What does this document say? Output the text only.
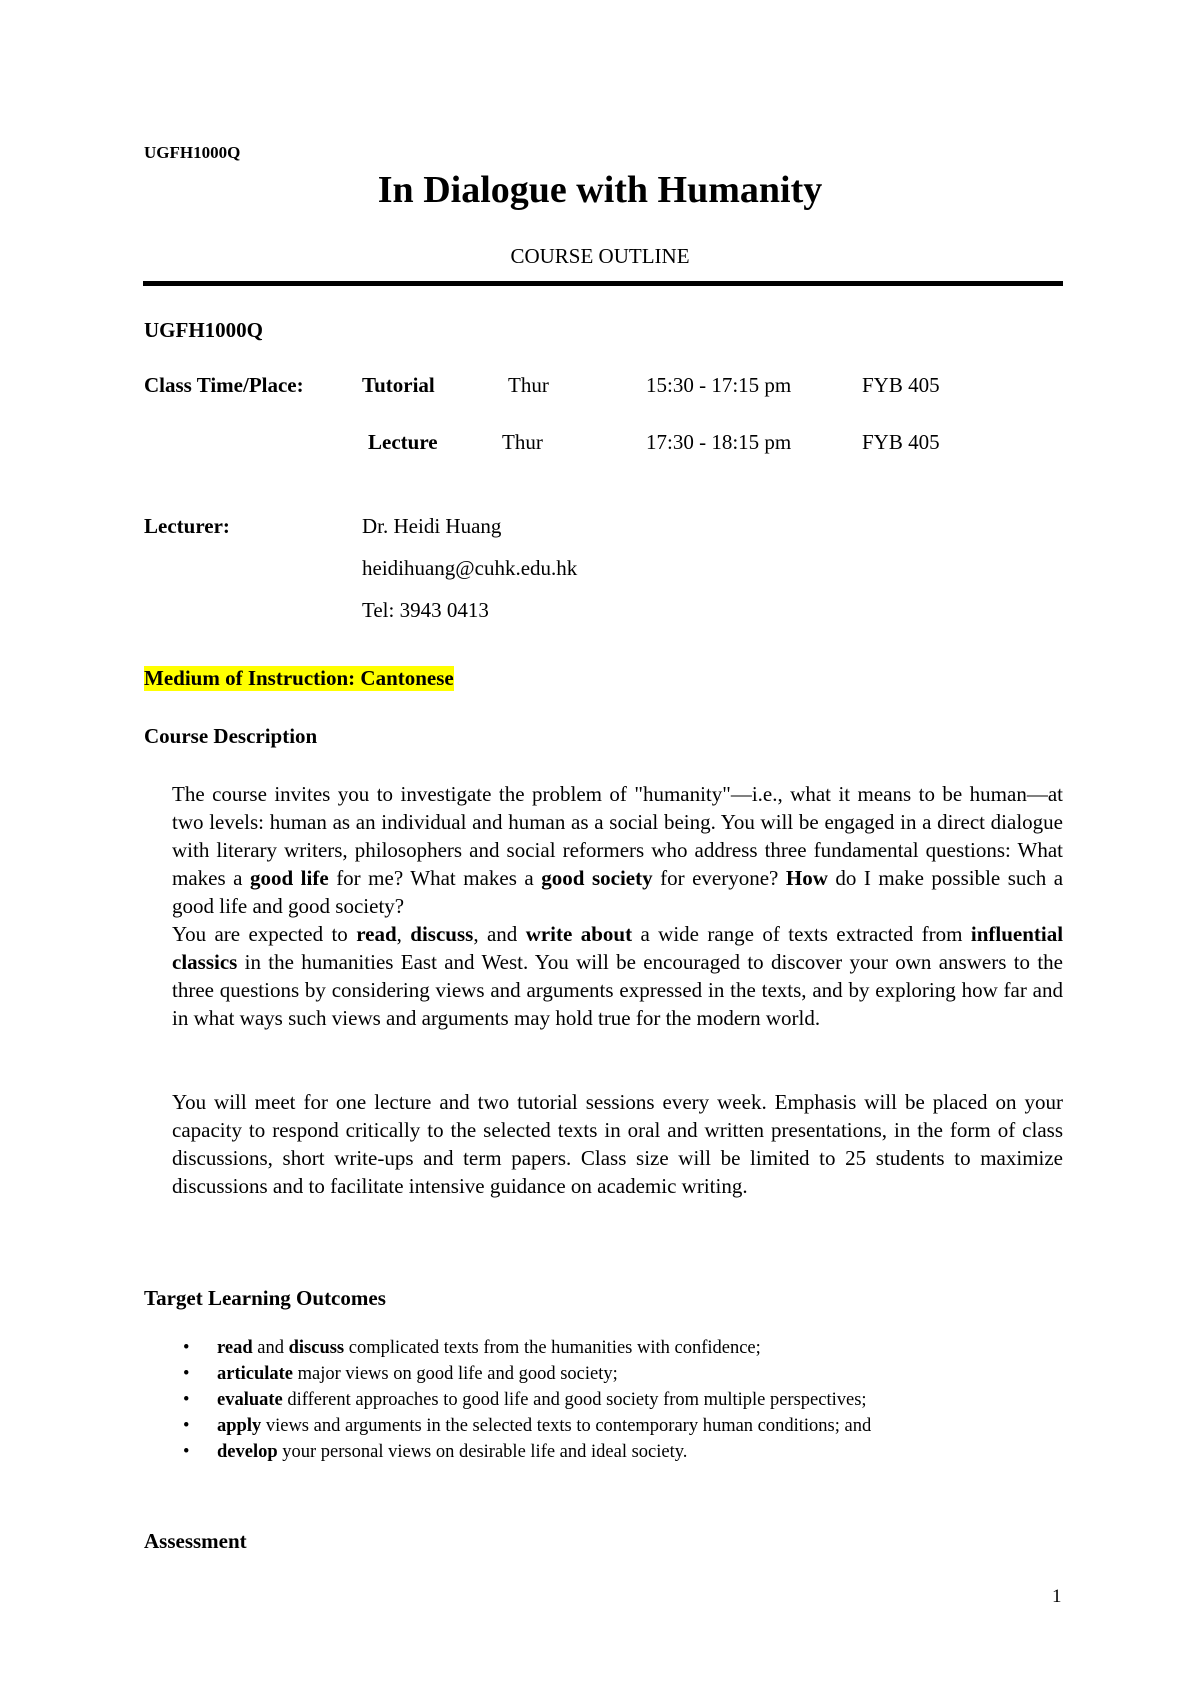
UGFH1000Q
In Dialogue with Humanity
COURSE OUTLINE
UGFH1000Q
Class Time/Place:	Tutorial	Thur	15:30 - 17:15 pm	FYB 405
Lecture	Thur	17:30 - 18:15 pm	FYB 405
Lecturer:	Dr. Heidi Huang
heidihuang@cuhk.edu.hk
Tel: 3943 0413
Medium of Instruction: Cantonese
Course Description
The course invites you to investigate the problem of "humanity"—i.e., what it means to be human—at two levels: human as an individual and human as a social being. You will be engaged in a direct dialogue with literary writers, philosophers and social reformers who address three fundamental questions: What makes a good life for me? What makes a good society for everyone? How do I make possible such a good life and good society?
You are expected to read, discuss, and write about a wide range of texts extracted from influential classics in the humanities East and West. You will be encouraged to discover your own answers to the three questions by considering views and arguments expressed in the texts, and by exploring how far and in what ways such views and arguments may hold true for the modern world.
You will meet for one lecture and two tutorial sessions every week. Emphasis will be placed on your capacity to respond critically to the selected texts in oral and written presentations, in the form of class discussions, short write-ups and term papers. Class size will be limited to 25 students to maximize discussions and to facilitate intensive guidance on academic writing.
Target Learning Outcomes
• read and discuss complicated texts from the humanities with confidence;
• articulate major views on good life and good society;
• evaluate different approaches to good life and good society from multiple perspectives;
• apply views and arguments in the selected texts to contemporary human conditions; and
• develop your personal views on desirable life and ideal society.
Assessment
1
